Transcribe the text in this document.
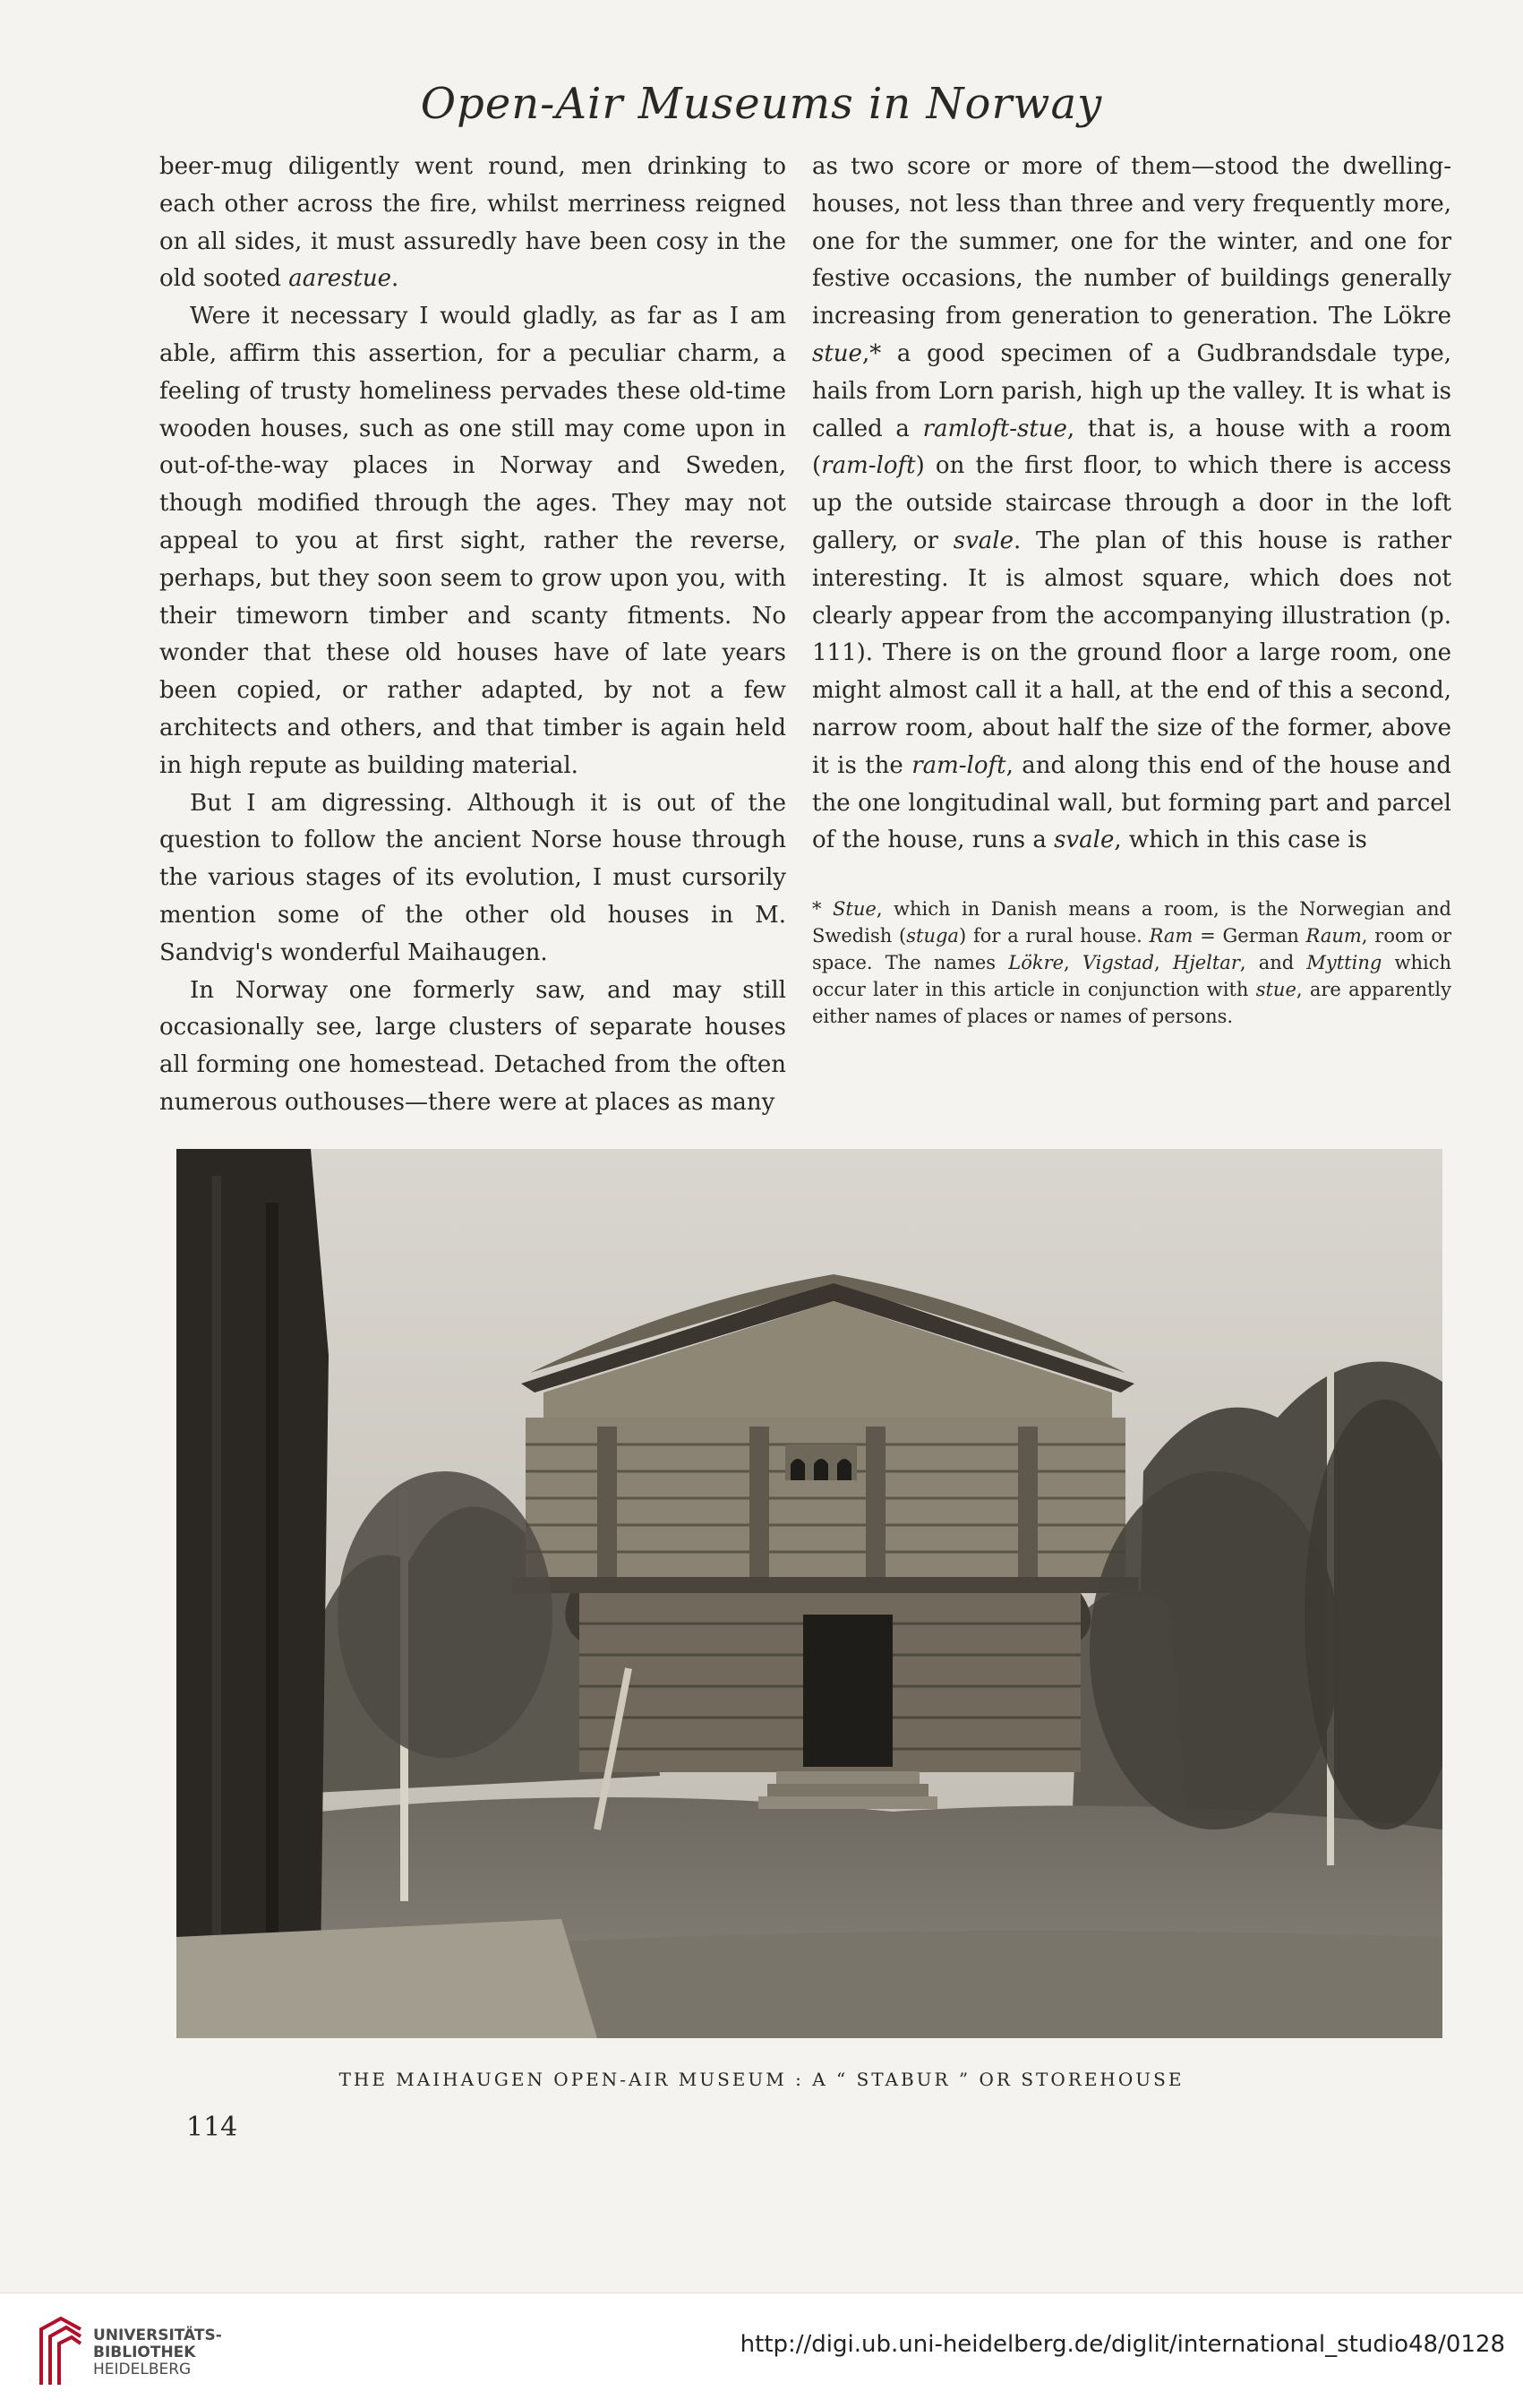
Open-Air Museums in Norway

beer-mug diligently went round, men drinking to each other across the fire, whilst merriness reigned on all sides, it must assuredly have been cosy in the old sooted aarestue.

Were it necessary I would gladly, as far as I am able, affirm this assertion, for a peculiar charm, a feeling of trusty homeliness pervades these old-time wooden houses, such as one still may come upon in out-of-the-way places in Norway and Sweden, though modified through the ages. They may not appeal to you at first sight, rather the reverse, perhaps, but they soon seem to grow upon you, with their timeworn timber and scanty fitments. No wonder that these old houses have of late years been copied, or rather adapted, by not a few architects and others, and that timber is again held in high repute as building material.

But I am digressing. Although it is out of the question to follow the ancient Norse house through the various stages of its evolution, I must cursorily mention some of the other old houses in M. Sandvig's wonderful Maihaugen.

In Norway one formerly saw, and may still occasionally see, large clusters of separate houses all forming one homestead. Detached from the often numerous outhouses—there were at places as many

as two score or more of them—stood the dwelling-houses, not less than three and very frequently more, one for the summer, one for the winter, and one for festive occasions, the number of buildings generally increasing from generation to generation. The Lökre stue,* a good specimen of a Gudbrandsdale type, hails from Lorn parish, high up the valley. It is what is called a ramloft-stue, that is, a house with a room (ram-loft) on the first floor, to which there is access up the outside staircase through a door in the loft gallery, or svale. The plan of this house is rather interesting. It is almost square, which does not clearly appear from the accompanying illustration (p. 111). There is on the ground floor a large room, one might almost call it a hall, at the end of this a second, narrow room, about half the size of the former, above it is the ram-loft, and along this end of the house and the one longitudinal wall, but forming part and parcel of the house, runs a svale, which in this case is

* Stue, which in Danish means a room, is the Norwegian and Swedish (stuga) for a rural house. Ram = German Raum, room or space. The names Lökre, Vigstad, Hjeltar, and Mytting which occur later in this article in conjunction with stue, are apparently either names of places or names of persons.

THE MAIHAUGEN OPEN-AIR MUSEUM : A “ STABUR ” OR STOREHOUSE
114
UNIVERSITÄTS-
BIBLIOTHEK
HEIDELBERG
http://digi.ub.uni-heidelberg.de/diglit/international_studio48/0128
